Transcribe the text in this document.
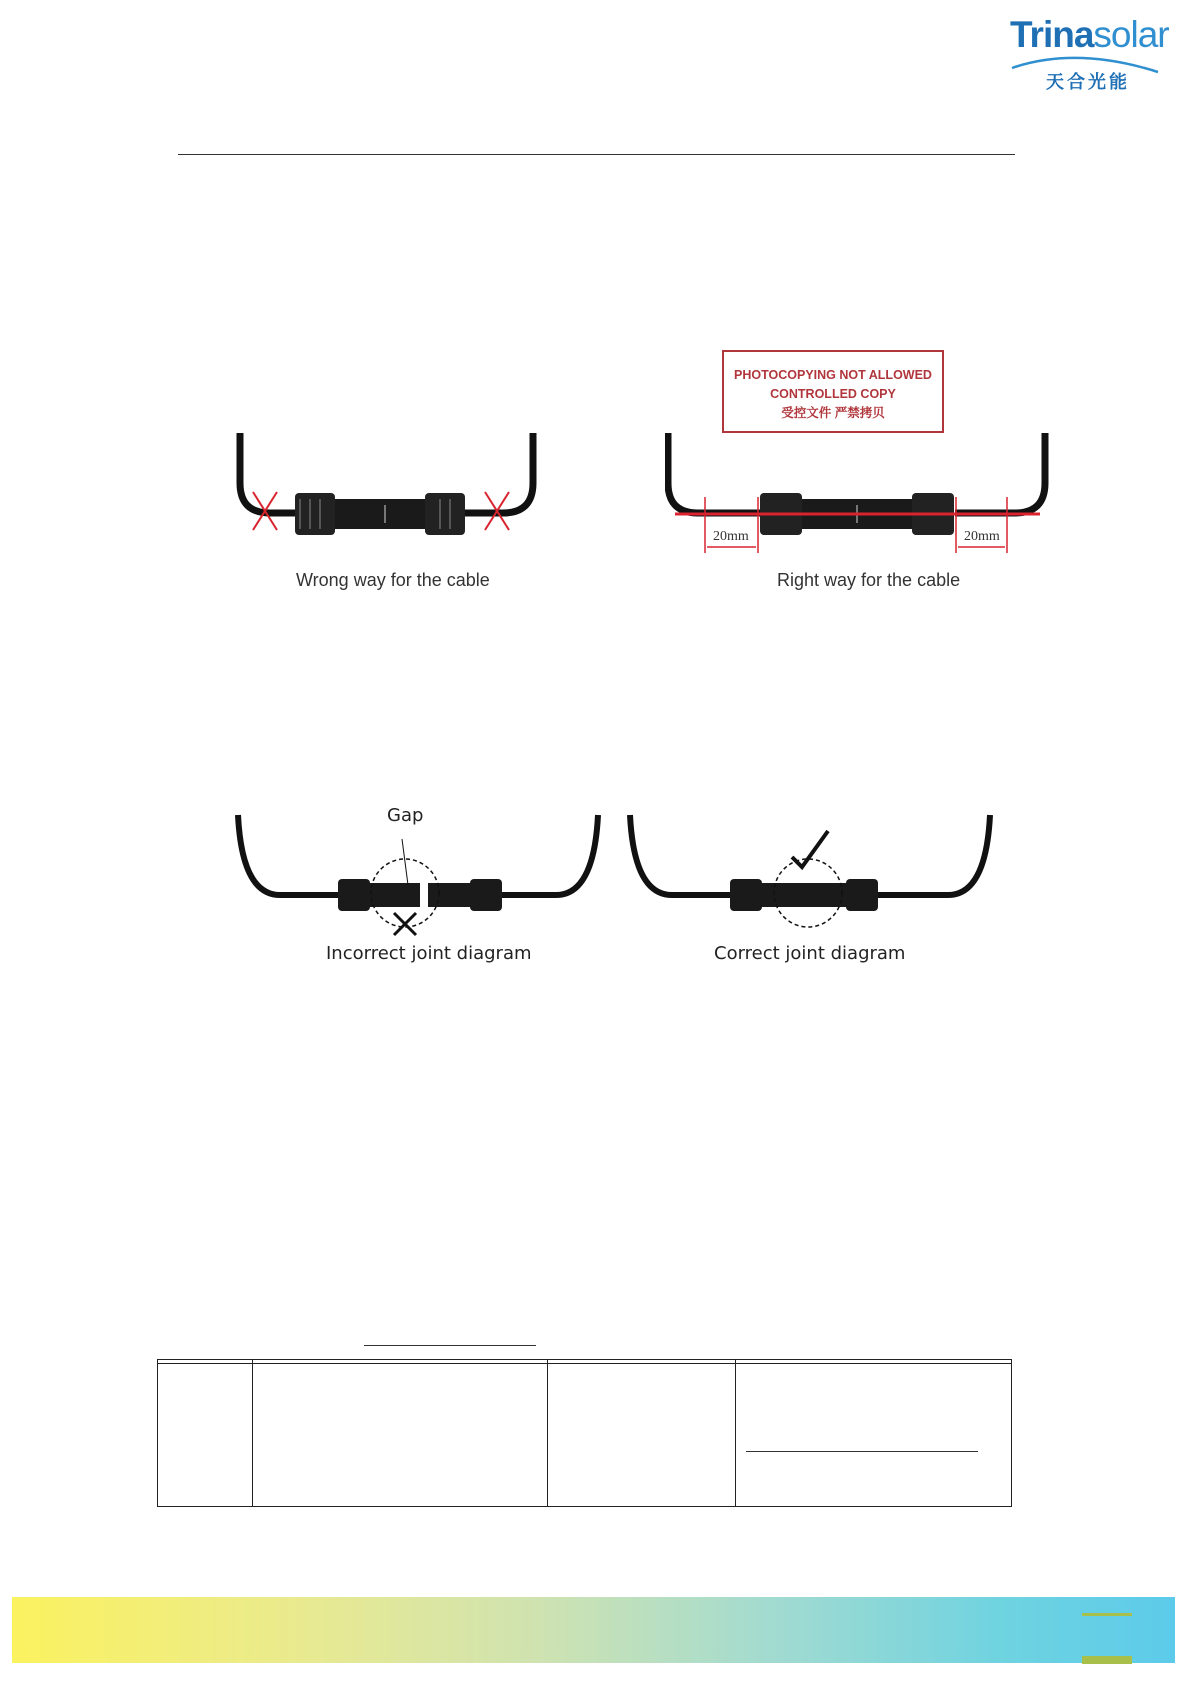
Trinasolar
天合光能
Wrong way for the cable
PHOTOCOPYING NOT ALLOWED
CONTROLLED COPY
受控文件 严禁拷贝
20mm	20mm
Right way for the cable
Gap
Incorrect joint diagram	Correct joint diagram
